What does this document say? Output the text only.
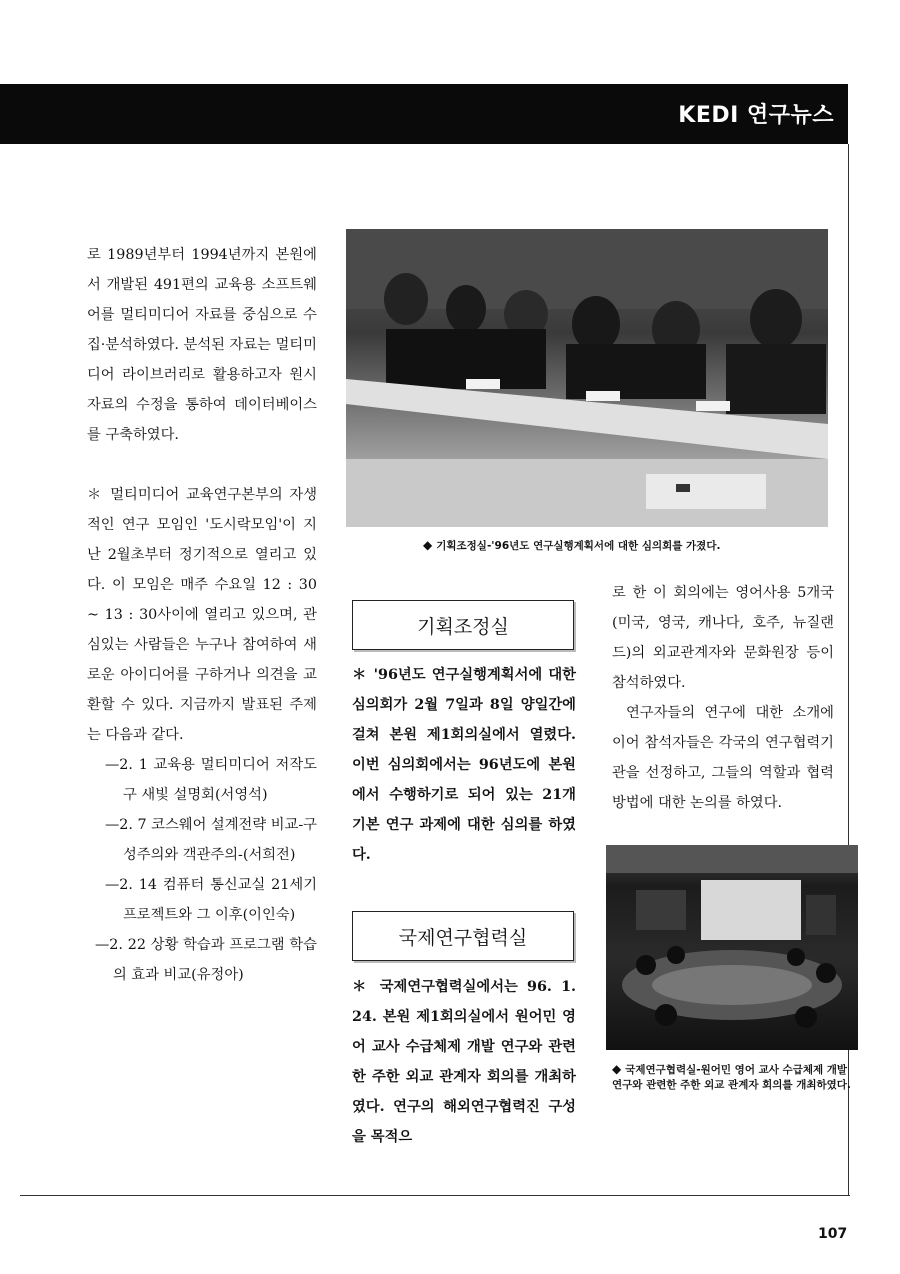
KEDI 연구뉴스

로 1989년부터 1994년까지 본원에서 개발된 491편의 교육용 소프트웨어를 멀티미디어 자료를 중심으로 수집·분석하였다. 분석된 자료는 멀티미디어 라이브러리로 활용하고자 원시자료의 수정을 통하여 데이터베이스를 구축하였다.

＊ 멀티미디어 교육연구본부의 자생적인 연구 모임인 '도시락모임'이 지난 2월초부터 정기적으로 열리고 있다. 이 모임은 매주 수요일 12 : 30 ~ 13 : 30사이에 열리고 있으며, 관심있는 사람들은 누구나 참여하여 새로운 아이디어를 구하거나 의견을 교환할 수 있다. 지금까지 발표된 주제는 다음과 같다.

—2. 1 교육용 멀티미디어 저작도구 새빛 설명회(서영석)

—2. 7 코스웨어 설계전략 비교-구성주의와 객관주의-(서희전)

—2. 14 컴퓨터 통신교실 21세기 프로젝트와 그 이후(이인숙)

—2. 22 상황 학습과 프로그램 학습의 효과 비교(유정아)

◆ 기획조정실-'96년도 연구실행계획서에 대한 심의회를 가졌다.
기획조정실
＊ '96년도 연구실행계획서에 대한 심의회가 2월 7일과 8일 양일간에 걸쳐 본원 제1회의실에서 열렸다. 이번 심의회에서는 96년도에 본원에서 수행하기로 되어 있는 21개 기본 연구 과제에 대한 심의를 하였다.
국제연구협력실
＊ 국제연구협력실에서는 96. 1. 24. 본원 제1회의실에서 원어민 영어 교사 수급체제 개발 연구와 관련한 주한 외교 관계자 회의를 개최하였다. 연구의 해외연구협력진 구성을 목적으

로 한 이 회의에는 영어사용 5개국(미국, 영국, 캐나다, 호주, 뉴질랜드)의 외교관계자와 문화원장 등이 참석하였다.

연구자들의 연구에 대한 소개에 이어 참석자들은 각국의 연구협력기관을 선정하고, 그들의 역할과 협력방법에 대한 논의를 하였다.

◆ 국제연구협력실-원어민 영어 교사 수급체제 개발연구와 관련한 주한 외교 관계자 회의를 개최하였다.
107
